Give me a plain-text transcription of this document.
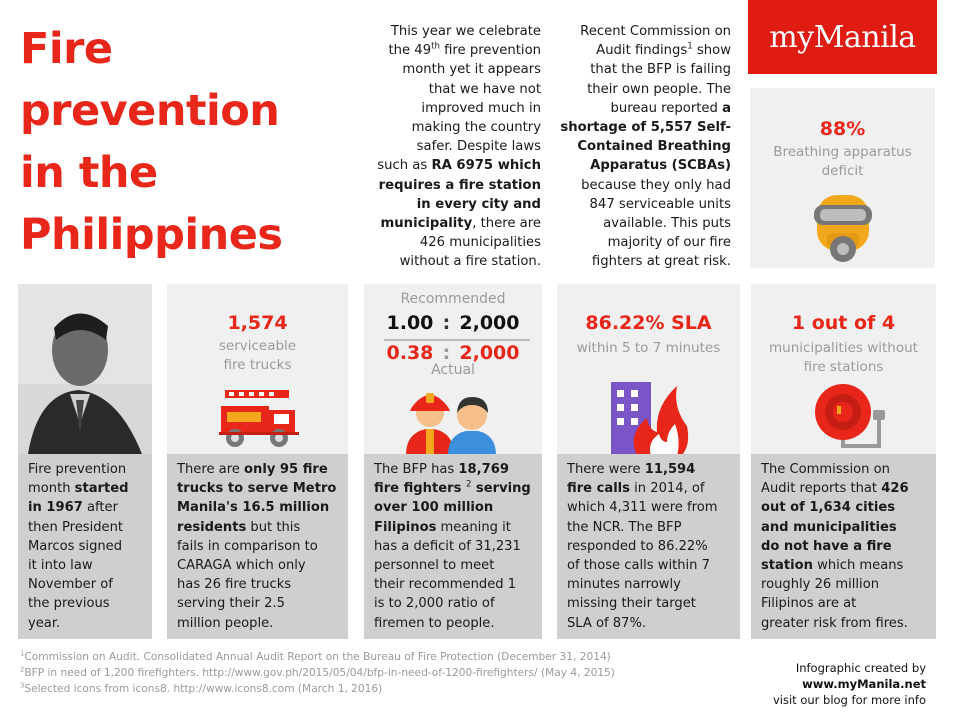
Fire
prevention
in the
Philippines
This year we celebrate
the 49th fire prevention
month yet it appears
that we have not
improved much in
making the country
safer. Despite laws
such as RA 6975 which
requires a fire station
in every city and
municipality, there are
426 municipalities
without a fire station.
Recent Commission on
Audit findings$^1$ show
that the BFP is failing
their own people. The
bureau reported a
shortage of 5,557 Self-
Contained Breathing
Apparatus (SCBAs)
because they only had
847 serviceable units
available. This puts
majority of our fire
fighters at great risk.
myManila
88%
Breathing apparatus
deficit
Fire prevention
month started
in 1967 after
then President
Marcos signed
it into law
November of
the previous
year.
1,574
serviceable
fire trucks
There are only 95 fire
trucks to serve Metro
Manila's 16.5 million
residents but this
fails in comparison to
CARAGA which only
has 26 fire trucks
serving their 2.5
million people.
Recommended
1.00 : 2,000
0.38 : 2,000
Actual
The BFP has 18,769
fire fighters $^2$ serving
over 100 million
Filipinos meaning it
has a deficit of 31,231
personnel to meet
their recommended 1
is to 2,000 ratio of
firemen to people.
86.22% SLA
within 5 to 7 minutes
There were 11,594
fire calls in 2014, of
which 4,311 were from
the NCR. The BFP
responded to 86.22%
of those calls within 7
minutes narrowly
missing their target
SLA of 87%.
1 out of 4
municipalities without
fire stations
The Commission on
Audit reports that 426
out of 1,634 cities
and municipalities
do not have a fire
station which means
roughly 26 million
Filipinos are at
greater risk from fires.
$^1$Commission on Audit. Consolidated Annual Audit Report on the Bureau of Fire Protection (December 31, 2014)
$^2$BFP in need of 1,200 firefighters. http://www.gov.ph/2015/05/04/bfp-in-need-of-1200-firefighters/ (May 4, 2015)
$^3$Selected icons from icons8. http://www.icons8.com (March 1, 2016)
Infographic created by
www.myManila.net
visit our blog for more info
